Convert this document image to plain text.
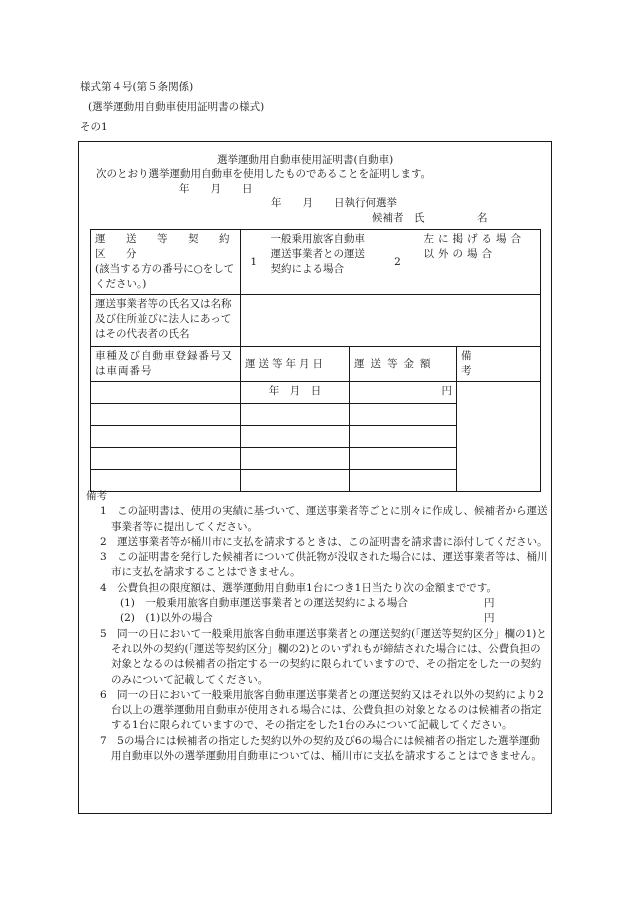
様式第４号(第５条関係)
(選挙運動用自動車使用証明書の様式)
その1
選挙運動用自動車使用証明書(自動車)
次のとおり選挙運動用自動車を使用したものであることを証明します。
年　　月　　日
年　　月　　日執行何選挙
候補者　氏　　　　　名
運　送　等　契　約　区　分
(該当する方の番号に○をしてください。)	1	一般乗用旅客自動車運送事業者との運送契約による場合		2	左に掲げる場合以外の場合	
運送事業者等の氏名又は名称及び住所並びに法人にあってはその代表者の氏名						
車種及び自動車登録番号又は車両番号	運送等年月日		運送等金額			備考
	年　月　日		円			

備考

1　この証明書は、使用の実績に基づいて、運送事業者等ごとに別々に作成し、候補者から運送事業者等に提出してください。

2　運送事業者等が桶川市に支払を請求するときは、この証明書を請求書に添付してください。

3　この証明書を発行した候補者について供託物が没収された場合には、運送事業者等は、桶川市に支払を請求することはできません。

4　公費負担の限度額は、選挙運動用自動車1台につき1日当たり次の金額までです。

(1)　一般乗用旅客自動車運送事業者との運送契約による場合	円

(2)　(1)以外の場合	円

5　同一の日において一般乗用旅客自動車運送事業者との運送契約(「運送等契約区分」欄の1)とそれ以外の契約(「運送等契約区分」欄の2)とのいずれもが締結された場合には、公費負担の対象となるのは候補者の指定する一の契約に限られていますので、その指定をした一の契約のみについて記載してください。

6　同一の日において一般乗用旅客自動車運送事業者との運送契約又はそれ以外の契約により2台以上の選挙運動用自動車が使用される場合には、公費負担の対象となるのは候補者の指定する1台に限られていますので、その指定をした1台のみについて記載してください。

7　5の場合には候補者の指定した契約以外の契約及び6の場合には候補者の指定した選挙運動用自動車以外の選挙運動用自動車については、桶川市に支払を請求することはできません。
